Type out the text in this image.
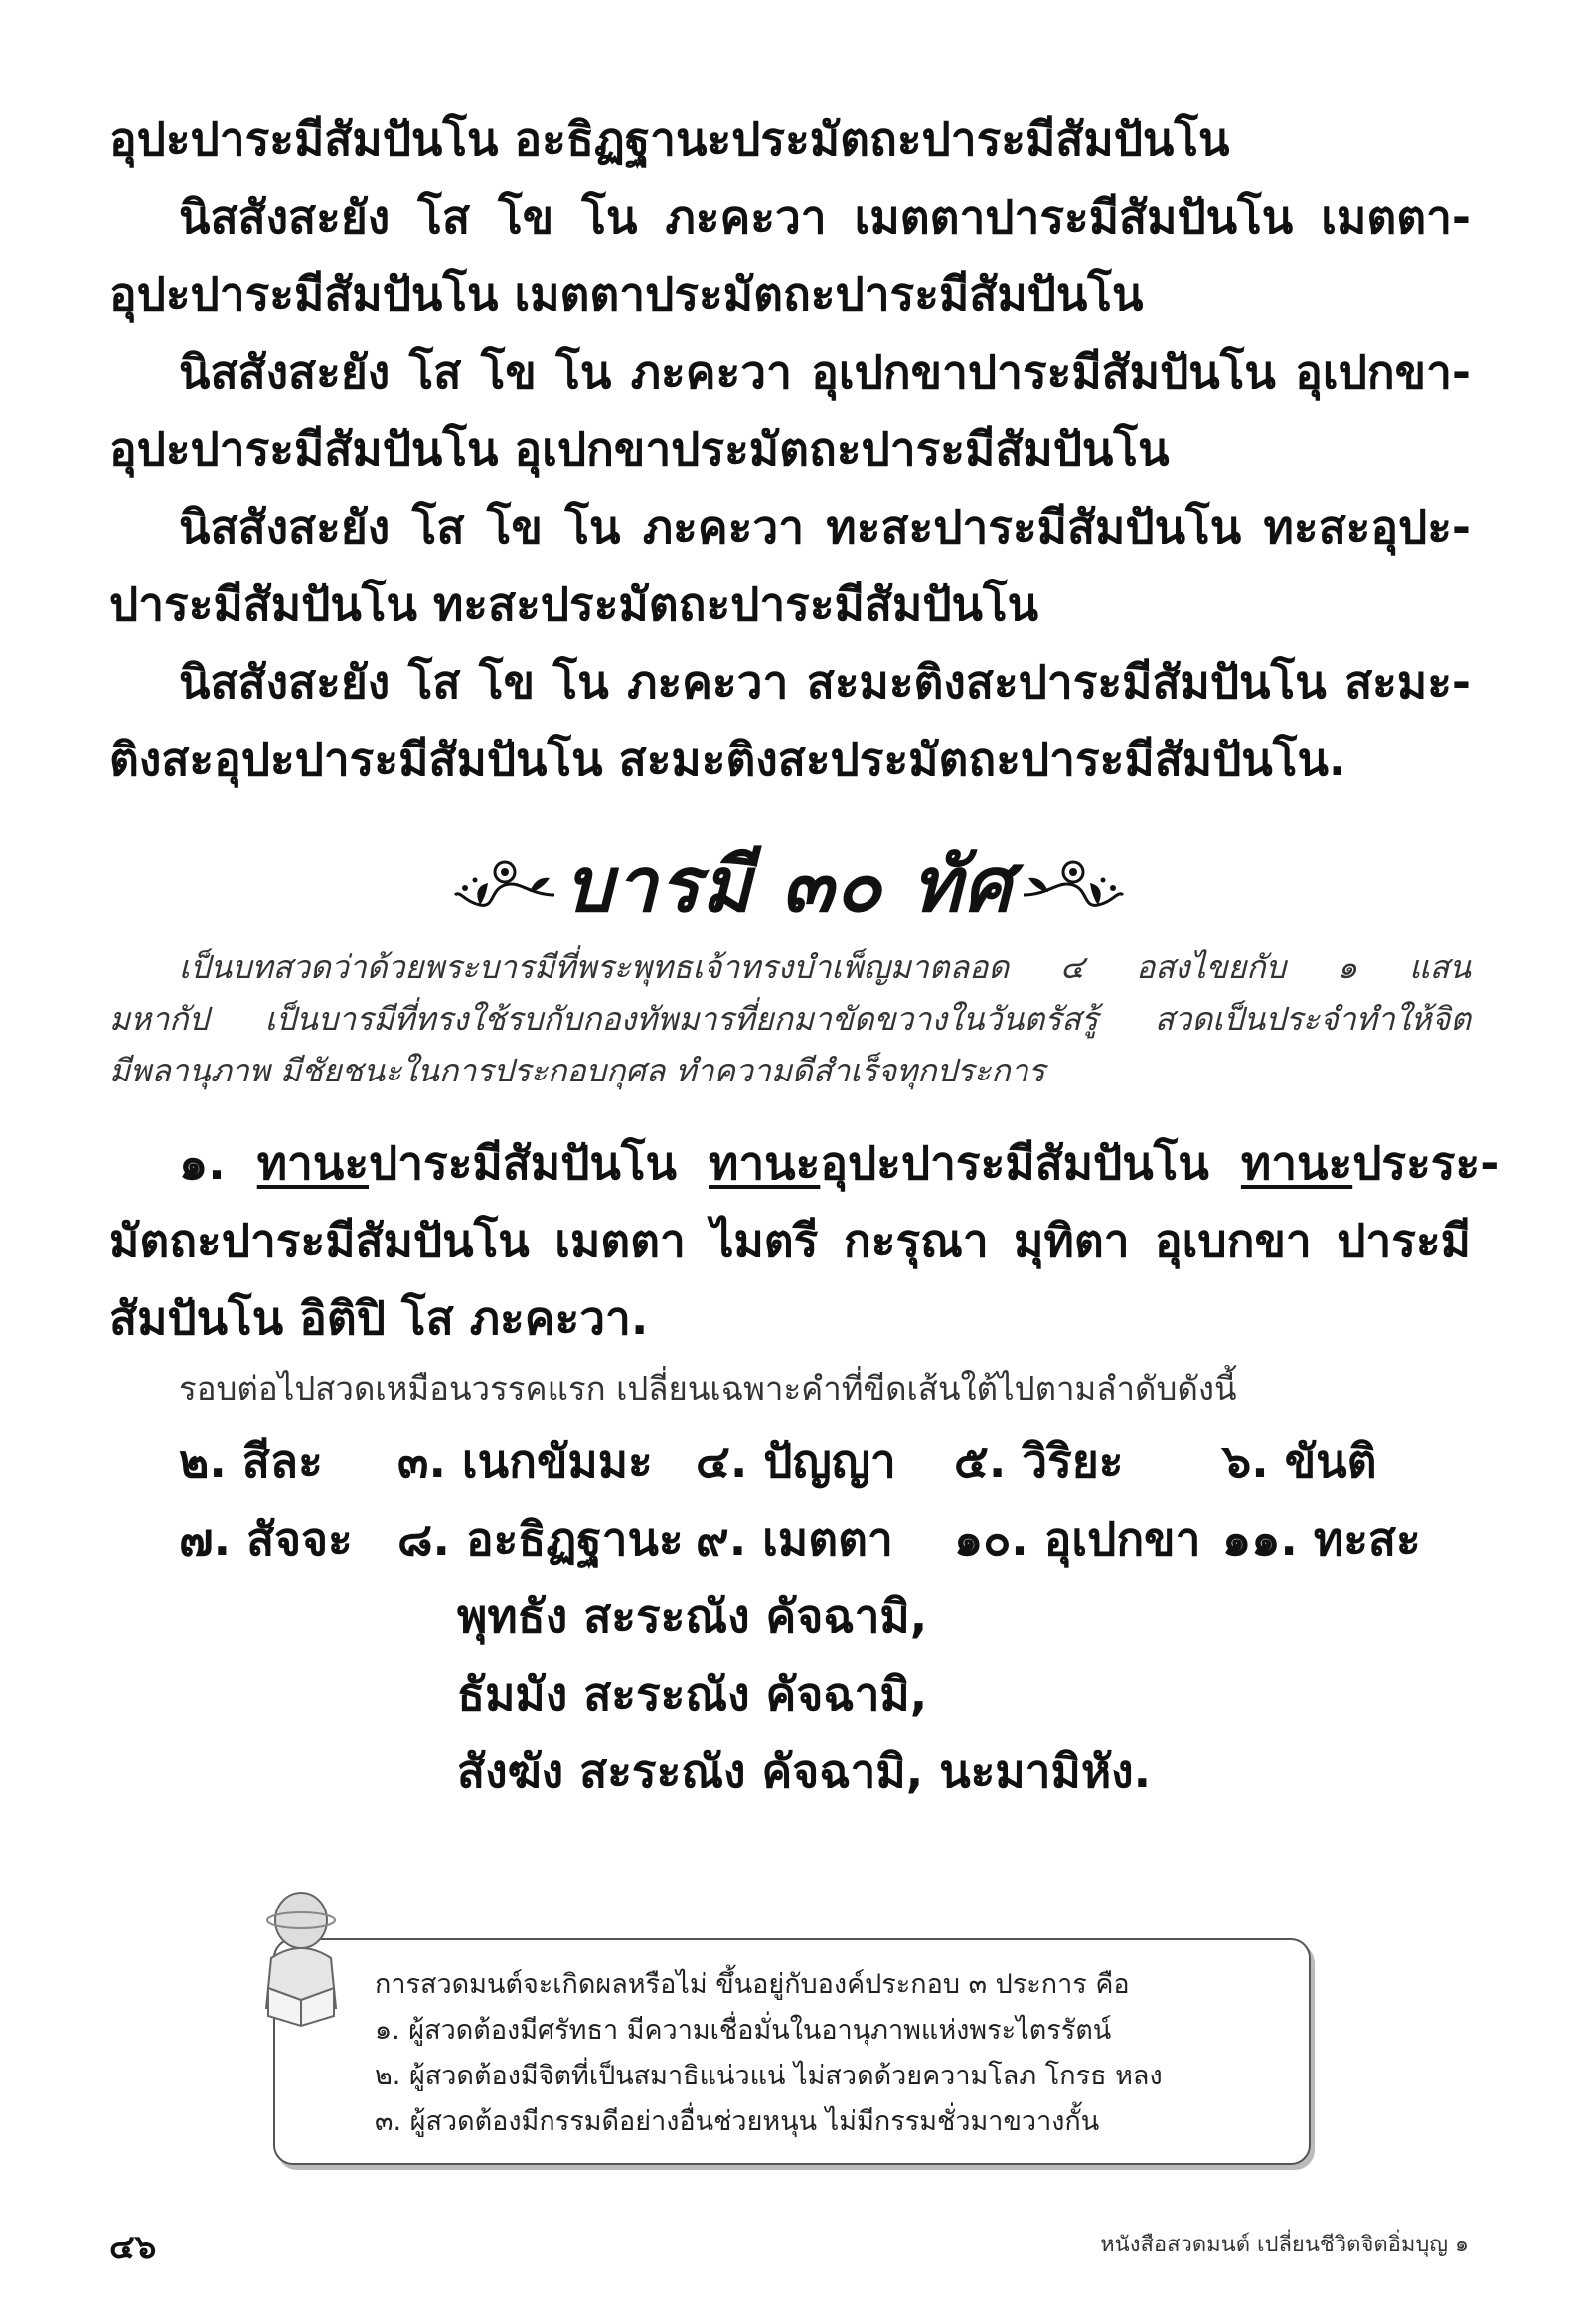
อุปะปาระมีสัมปันโน อะธิฏฐานะประมัตถะปาระมีสัมปันโน
นิสสังสะยัง โส โข โน ภะคะวา เมตตาปาระมีสัมปันโน เมตตา-
อุปะปาระมีสัมปันโน เมตตาประมัตถะปาระมีสัมปันโน
นิสสังสะยัง โส โข โน ภะคะวา อุเปกขาปาระมีสัมปันโน อุเปกขา-
อุปะปาระมีสัมปันโน อุเปกขาประมัตถะปาระมีสัมปันโน
นิสสังสะยัง โส โข โน ภะคะวา ทะสะปาระมีสัมปันโน ทะสะอุปะ-
ปาระมีสัมปันโน ทะสะประมัตถะปาระมีสัมปันโน
นิสสังสะยัง โส โข โน ภะคะวา สะมะติงสะปาระมีสัมปันโน สะมะ-
ติงสะอุปะปาระมีสัมปันโน สะมะติงสะประมัตถะปาระมีสัมปันโน.
บารมี ๓๐ ทัศ
เป็นบทสวดว่าด้วยพระบารมีที่พระพุทธเจ้าทรงบำเพ็ญมาตลอด ๔ อสงไขยกับ ๑ แสน
มหากัป เป็นบารมีที่ทรงใช้รบกับกองทัพมารที่ยกมาขัดขวางในวันตรัสรู้ สวดเป็นประจำทำให้จิต
มีพลานุภาพ มีชัยชนะในการประกอบกุศล ทำความดีสำเร็จทุกประการ
๑. ทานะปาระมีสัมปันโน ทานะอุปะปาระมีสัมปันโน ทานะประระ-
มัตถะปาระมีสัมปันโน เมตตา ไมตรี กะรุณา มุทิตา อุเบกขา ปาระมี
สัมปันโน อิติปิ โส ภะคะวา.
รอบต่อไปสวดเหมือนวรรคแรก เปลี่ยนเฉพาะคำที่ขีดเส้นใต้ไปตามลำดับดังนี้
๒. สีละ ๓. เนกขัมมะ ๔. ปัญญา ๕. วิริยะ ๖. ขันติ
๗. สัจจะ ๘. อะธิฏฐานะ ๙. เมตตา ๑๐. อุเปกขา ๑๑. ทะสะ
พุทธัง สะระณัง คัจฉามิ,
ธัมมัง สะระณัง คัจฉามิ,
สังฆัง สะระณัง คัจฉามิ, นะมามิหัง.
การสวดมนต์จะเกิดผลหรือไม่ ขึ้นอยู่กับองค์ประกอบ ๓ ประการ คือ
๑. ผู้สวดต้องมีศรัทธา มีความเชื่อมั่นในอานุภาพแห่งพระไตรรัตน์
๒. ผู้สวดต้องมีจิตที่เป็นสมาธิแน่วแน่ ไม่สวดด้วยความโลภ โกรธ หลง
๓. ผู้สวดต้องมีกรรมดีอย่างอื่นช่วยหนุน ไม่มีกรรมชั่วมาขวางกั้น
๔๖	หนังสือสวดมนต์ เปลี่ยนชีวิตจิตอิ่มบุญ ๑
